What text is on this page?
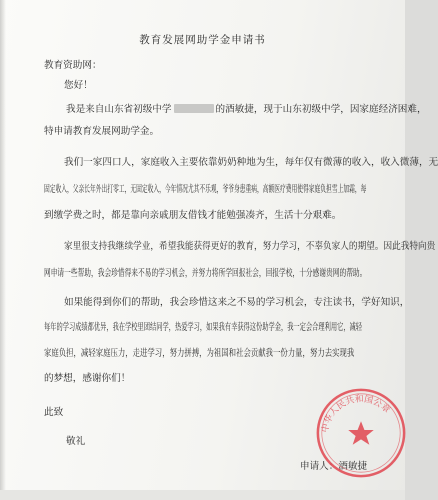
教育发展网助学金申请书
教育资助网：
您好！
我是来自山东省初级中学	的酒敏捷，现于山东初级中学，因家庭经济困难，
特申请教育发展网助学金。
我们一家四口人，家庭收入主要依靠奶奶种地为生，每年仅有微薄的收入，收入微薄，无
固定收入，父亲长年外出打零工，无固定收入，今年情况尤其不乐观，爷爷身患重病，高额医疗费用使得家庭负担雪上加霜，每
到缴学费之时，都是靠向亲戚朋友借钱才能勉强凑齐，生活十分艰难。
家里很支持我继续学业，希望我能获得更好的教育，努力学习，不辜负家人的期望。因此我特向贵
网申请一些帮助，我会珍惜得来不易的学习机会，并努力将所学回报社会，回报学校，十分感谢贵网的帮助。
如果能得到你们的帮助，我会珍惜这来之不易的学习机会，专注读书，学好知识，
每年的学习成绩都优异，我在学校里团结同学，热爱学习，如果我有幸获得这份助学金，我一定会合理利用它，减轻
家庭负担，减轻家庭压力，走进学习，努力拼搏，为祖国和社会贡献我一份力量，努力去实现我
的梦想，感谢你们！
此致
敬礼
申请人：酒敏捷
中华人民共和国公章
